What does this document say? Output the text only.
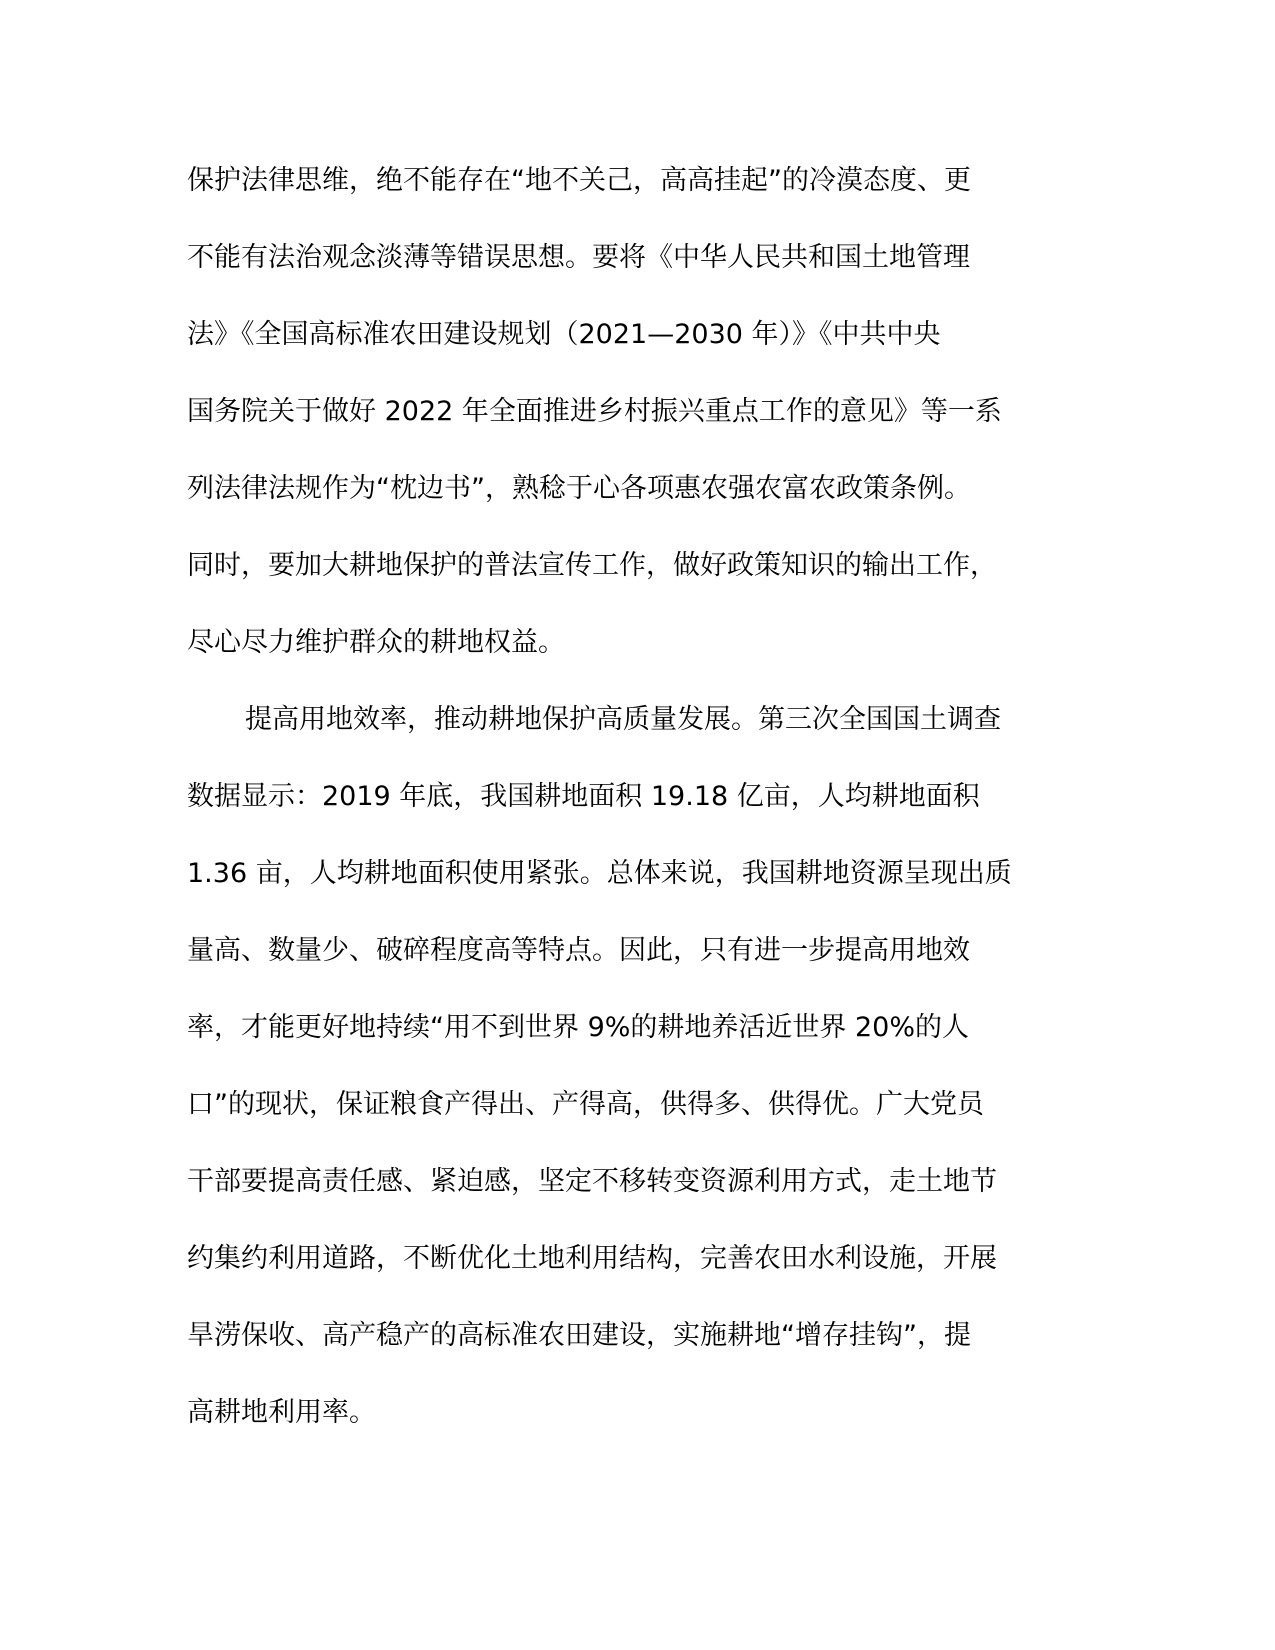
保护法律思维，绝不能存在“地不关己，高高挂起”的冷漠态度、更
不能有法治观念淡薄等错误思想。要将《中华人民共和国土地管理
法》《全国高标准农田建设规划（2021—2030 年）》《中共中央
国务院关于做好 2022 年全面推进乡村振兴重点工作的意见》等一系
列法律法规作为“枕边书”，熟稔于心各项惠农强农富农政策条例。
同时，要加大耕地保护的普法宣传工作，做好政策知识的输出工作，
尽心尽力维护群众的耕地权益。
提高用地效率，推动耕地保护高质量发展。第三次全国国土调查
数据显示：2019 年底，我国耕地面积 19.18 亿亩，人均耕地面积
1.36 亩，人均耕地面积使用紧张。总体来说，我国耕地资源呈现出质
量高、数量少、破碎程度高等特点。因此，只有进一步提高用地效
率，才能更好地持续“用不到世界 9%的耕地养活近世界 20%的人
口”的现状，保证粮食产得出、产得高，供得多、供得优。广大党员
干部要提高责任感、紧迫感，坚定不移转变资源利用方式，走土地节
约集约利用道路，不断优化土地利用结构，完善农田水利设施，开展
旱涝保收、高产稳产的高标准农田建设，实施耕地“增存挂钩”，提
高耕地利用率。
